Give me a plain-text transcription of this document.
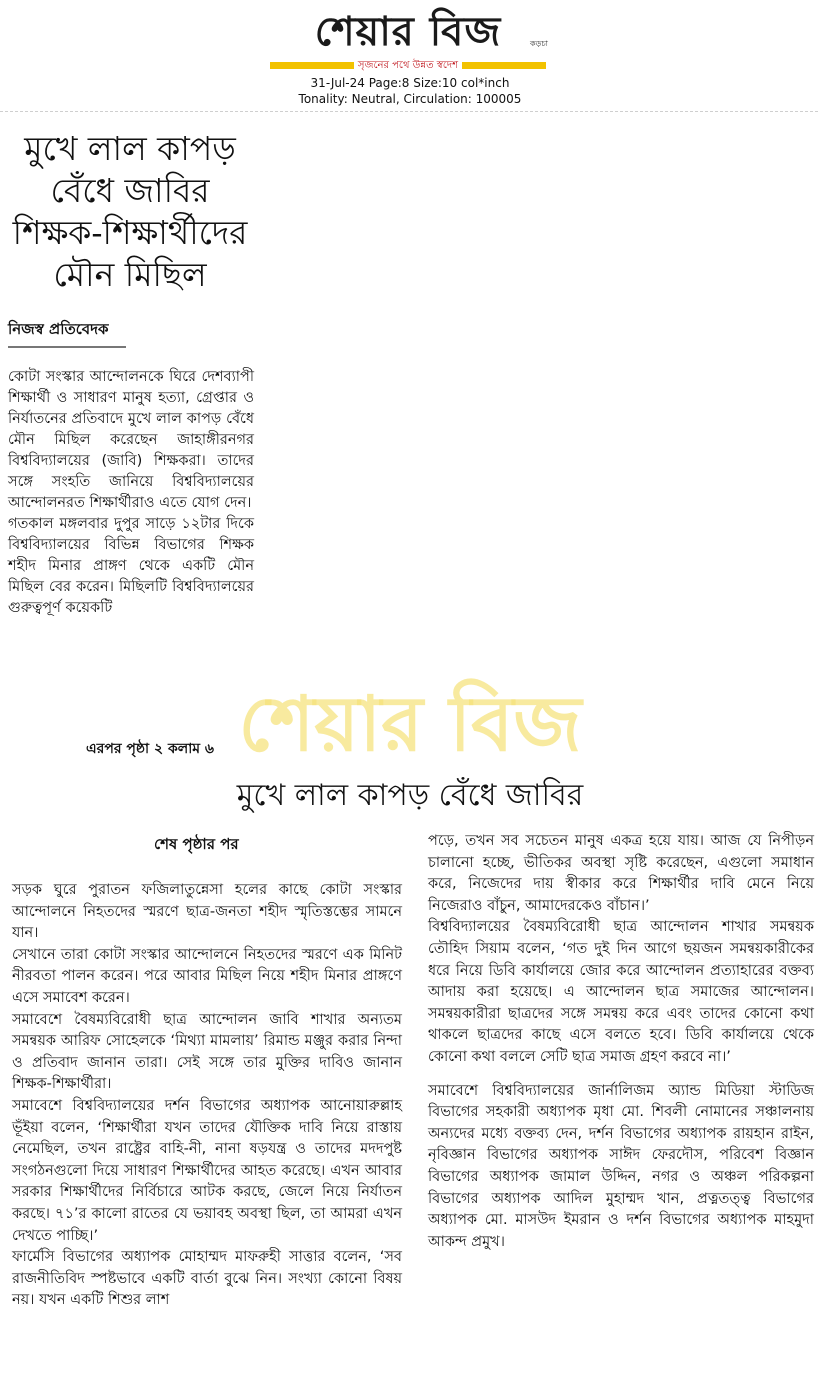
শেয়ার বিজ	কড়চা
সৃজনের পথে উন্নত স্বদেশ
31-Jul-24 Page:8 Size:10 col*inch
Tonality: Neutral, Circulation: 100005
মুখে লাল কাপড়
বেঁধে জাবির
শিক্ষক-শিক্ষার্থীদের
মৌন মিছিল
নিজস্ব প্রতিবেদক

কোটা সংস্কার আন্দোলনকে ঘিরে দেশব্যাপী শিক্ষার্থী ও সাধারণ মানুষ হত্যা, গ্রেপ্তার ও নির্যাতনের প্রতিবাদে মুখে লাল কাপড় বেঁধে মৌন মিছিল করেছেন জাহাঙ্গীরনগর বিশ্ববিদ্যালয়ের (জাবি) শিক্ষকরা। তাদের সঙ্গে সংহতি জানিয়ে বিশ্ববিদ্যালয়ের আন্দোলনরত শিক্ষার্থীরাও এতে যোগ দেন।

গতকাল মঙ্গলবার দুপুর সাড়ে ১২টার দিকে বিশ্ববিদ্যালয়ের বিভিন্ন বিভাগের শিক্ষক শহীদ মিনার প্রাঙ্গণ থেকে একটি মৌন মিছিল বের করেন। মিছিলটি বিশ্ববিদ্যালয়ের গুরুত্বপূর্ণ কয়েকটি

এরপর পৃষ্ঠা ২ কলাম ৬ শেয়ার বিজ
মুখে লাল কাপড় বেঁধে জাবির
শেষ পৃষ্ঠার পর

সড়ক ঘুরে পুরাতন ফজিলাতুন্নেসা হলের কাছে কোটা সংস্কার আন্দোলনে নিহতদের স্মরণে ছাত্র-জনতা শহীদ স্মৃতিস্তম্ভের সামনে যান।

সেখানে তারা কোটা সংস্কার আন্দোলনে নিহতদের স্মরণে এক মিনিট নীরবতা পালন করেন। পরে আবার মিছিল নিয়ে শহীদ মিনার প্রাঙ্গণে এসে সমাবেশ করেন।

সমাবেশে বৈষম্যবিরোধী ছাত্র আন্দোলন জাবি শাখার অন্যতম সমন্বয়ক আরিফ সোহেলকে ‘মিথ্যা মামলায়’ রিমান্ড মঞ্জুর করার নিন্দা ও প্রতিবাদ জানান তারা। সেই সঙ্গে তার মুক্তির দাবিও জানান শিক্ষক-শিক্ষার্থীরা।

সমাবেশে বিশ্ববিদ্যালয়ের দর্শন বিভাগের অধ্যাপক আনোয়ারুল্লাহ ভূঁইয়া বলেন, ‘শিক্ষার্থীরা যখন তাদের যৌক্তিক দাবি নিয়ে রাস্তায় নেমেছিল, তখন রাষ্ট্রের বাহি-নী, নানা ষড়যন্ত্র ও তাদের মদদপুষ্ট সংগঠনগুলো দিয়ে সাধারণ শিক্ষার্থীদের আহত করেছে। এখন আবার সরকার শিক্ষার্থীদের নির্বিচারে আটক করছে, জেলে নিয়ে নির্যাতন করছে। ৭১’র কালো রাতের যে ভয়াবহ অবস্থা ছিল, তা আমরা এখন দেখতে পাচ্ছি।’

ফার্মেসি বিভাগের অধ্যাপক মোহাম্মদ মাফরুহী সাত্তার বলেন, ‘সব রাজনীতিবিদ স্পষ্টভাবে একটি বার্তা বুঝে নিন। সংখ্যা কোনো বিষয় নয়। যখন একটি শিশুর লাশ

পড়ে, তখন সব সচেতন মানুষ একত্র হয়ে যায়। আজ যে নিপীড়ন চালানো হচ্ছে, ভীতিকর অবস্থা সৃষ্টি করেছেন, এগুলো সমাধান করে, নিজেদের দায় স্বীকার করে শিক্ষার্থীর দাবি মেনে নিয়ে নিজেরাও বাঁচুন, আমাদেরকেও বাঁচান।’

বিশ্ববিদ্যালয়ের বৈষম্যবিরোধী ছাত্র আন্দোলন শাখার সমন্বয়ক তৌহিদ সিয়াম বলেন, ‘গত দুই দিন আগে ছয়জন সমন্বয়কারীকের ধরে নিয়ে ডিবি কার্যালয়ে জোর করে আন্দোলন প্রত্যাহারের বক্তব্য আদায় করা হয়েছে। এ আন্দোলন ছাত্র সমাজের আন্দোলন। সমন্বয়কারীরা ছাত্রদের সঙ্গে সমন্বয় করে এবং তাদের কোনো কথা থাকলে ছাত্রদের কাছে এসে বলতে হবে। ডিবি কার্যালয়ে থেকে কোনো কথা বললে সেটি ছাত্র সমাজ গ্রহণ করবে না।’

সমাবেশে বিশ্ববিদ্যালয়ের জার্নালিজম অ্যান্ড মিডিয়া স্টাডিজ বিভাগের সহকারী অধ্যাপক মৃধা মো. শিবলী নোমানের সঞ্চালনায় অন্যদের মধ্যে বক্তব্য দেন, দর্শন বিভাগের অধ্যাপক রায়হান রাইন, নৃবিজ্ঞান বিভাগের অধ্যাপক সাঈদ ফেরদৌস, পরিবেশ বিজ্ঞান বিভাগের অধ্যাপক জামাল উদ্দিন, নগর ও অঞ্চল পরিকল্পনা বিভাগের অধ্যাপক আদিল মুহাম্মদ খান, প্রত্নতত্ত্ব বিভাগের অধ্যাপক মো. মাসউদ ইমরান ও দর্শন বিভাগের অধ্যাপক মাহমুদা আকন্দ প্রমুখ।
